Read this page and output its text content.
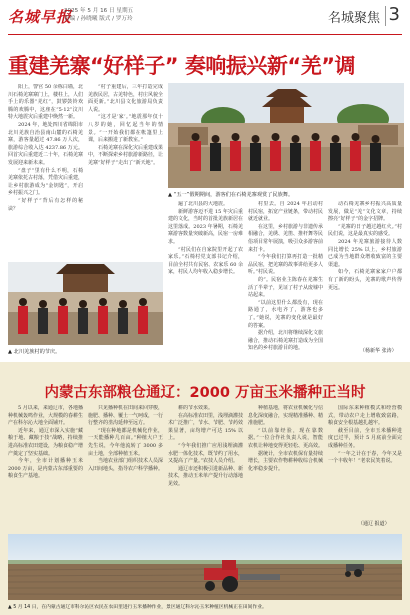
名城早报
2025 年 5 月 16 日 星期五
责编 / 孙晓曦 版式 / 罗万玲	名城聚焦 3
重建羌寨“好样子” 奏响振兴新“羌”调

阳上，警官 50 余栋白墙，北川石椅羌寨寨门上，楼柱上，人们手上的乐器“羌红”，鼓锣鼓铃欢腾的欢腾中，这座在“5·12”汶川特大地震灾后重建中焕然一新。

2024 年，地处四川省绵阳市北川羌族自治县南山麓的石椅羌寨，游客量超过 47.86 万人次，旅游综合收入达 4237.86 万元。回首灾后重建近二十年，石椅羌寨发展迎来新未来。

“盘子”里有什么不明，石椅羌寨依托古村落，凭借灾后重建，让乡村旅游成为“金钥匙”，开启乡村振兴之门。

“好样子”背后有怎样的秘诀？

“村子重建后，三年打造完成羌族民居，古羌特色，村庄风貌全面更新。”北川县文化旅游局负责人说。

“这才是‘家’。”地震那年仅十八岁的她，回忆起当年的情景。“一开始我们都在帐篷里上课，后来搬进了新教室。”

石椅羌寨在深化灾后重建成果中，不断探索乡村旅游新路径，让羌寨“好样子”走出了“新天地”。

▲ “五一”假期期间，游客们在石椅羌寨观赏了民族舞。

遍了北川县的大地震。

新鲜游客迈不进 15 年灾后重建的文化，当时的首批羌族新居在这里落成。2023 年暑期，石椅羌寨游客数量突破新高，民宿一房难求。

“村民们在自家院里开起了农家乐。”石椅村党支部书记介绍，目前全村共有民宿、农家乐 60 余家，村民人均年收入稳步增长。

村里去。自 2024 年启动村村民宿，拓宽产业链条，带动村民就近就业。

在这里，乡村旅游与非遗传承相融合，羌绣、羌笛、推杆舞等民俗项目常年展演，吸引众多游客前来打卡。

“今年我们打算再打造一批精品民宿，把羌寨的故事讲给更多人听。”村民说。

的”。民宿业主陈春在羌寨生活了半辈子，见证了村子从废墟中站起来。

“以前这里什么都没有，现在路通了，水电齐了，游客也多了。”她说，羌寨的变化就是最好的答案。

据介绍，北川将继续深化文旅融合，推动石椅羌寨打造成为全国知名的乡村旅游目的地。

动石椅羌寨乡村振兴高质量发展，做足“羌”文化文章，持续擦亮“好样子”的金字招牌。

“羌寨的日子越过越红火。”村民们说，这是最真实的感受。

2024 年羌寨旅游接待人数同比增长 25% 以上，乡村旅游已成为当地群众增收致富的主要渠道。

如今，石椅羌寨家家户户都有了新的盼头，羌寨的歌声传得更远。

（杨新华 张涛）
▲ 北川羌族村的节庆。
内蒙古东部粮仓通辽：2000 万亩玉米播种正当时

5 月以来，来通辽市，各地播种机械轰鸣作业，大规模的春耕生产在科尔沁大地全面铺开。

近年来，通辽市深入实施“藏粮于地、藏粮于技”战略，持续推进高标准农田建设，为粮食稳产增产奠定了坚实基础。

今年，全市计划播种玉米 2000 万亩，是内蒙古东部重要的粮食生产基地。

只见播种机在田间来回穿梭，施肥、播种、覆土一气呵成，一行行整齐的垄沟延伸至远方。

“现在种地都是机械化作业，一天能播种几百亩。”种植大户王先生说，今年他流转了 3000 多亩土地，全部种植玉米。

当地农业部门组织技术人员深入田间地头，指导农户科学播种。

耕的节水效果。

在高标准农田里，浅埋滴灌技术广泛推广，节水、节肥、节药效果显著，亩均增产可达 15% 以上。

“今年我们推广应用浅埋滴灌水肥一体化技术，既节约了用水，又提高了产量。”农技人员介绍。

通辽市还积极引进新品种、新技术，推动玉米单产提升行动落地见效。

种植基地，将农业机械化与信息化深度融合，实现精准播种、精准施肥。

“以前靠经验，现在靠数据。”一位合作社负责人说，智能农机让种地变得更轻松、更高效。

据统计，全市农机保有量持续增长，主要农作物耕种收综合机械化率稳步提升。

国际东来种植模式和经营模式，带动农户走上增收致富路，粮食安全根基越扎越牢。

截至目前，全市玉米播种进度已过半，预计 5 月底前全面完成播种任务。

“一年之计在于春，今年又是一个丰收年！”老农民笑着说。

（通辽 报道）
▲ 5 月 14 日，在内蒙古通辽市科尔沁区农民在农田里进行玉米播种作业，景区通辽科尔沁玉米种植区机械正在田间作业。
